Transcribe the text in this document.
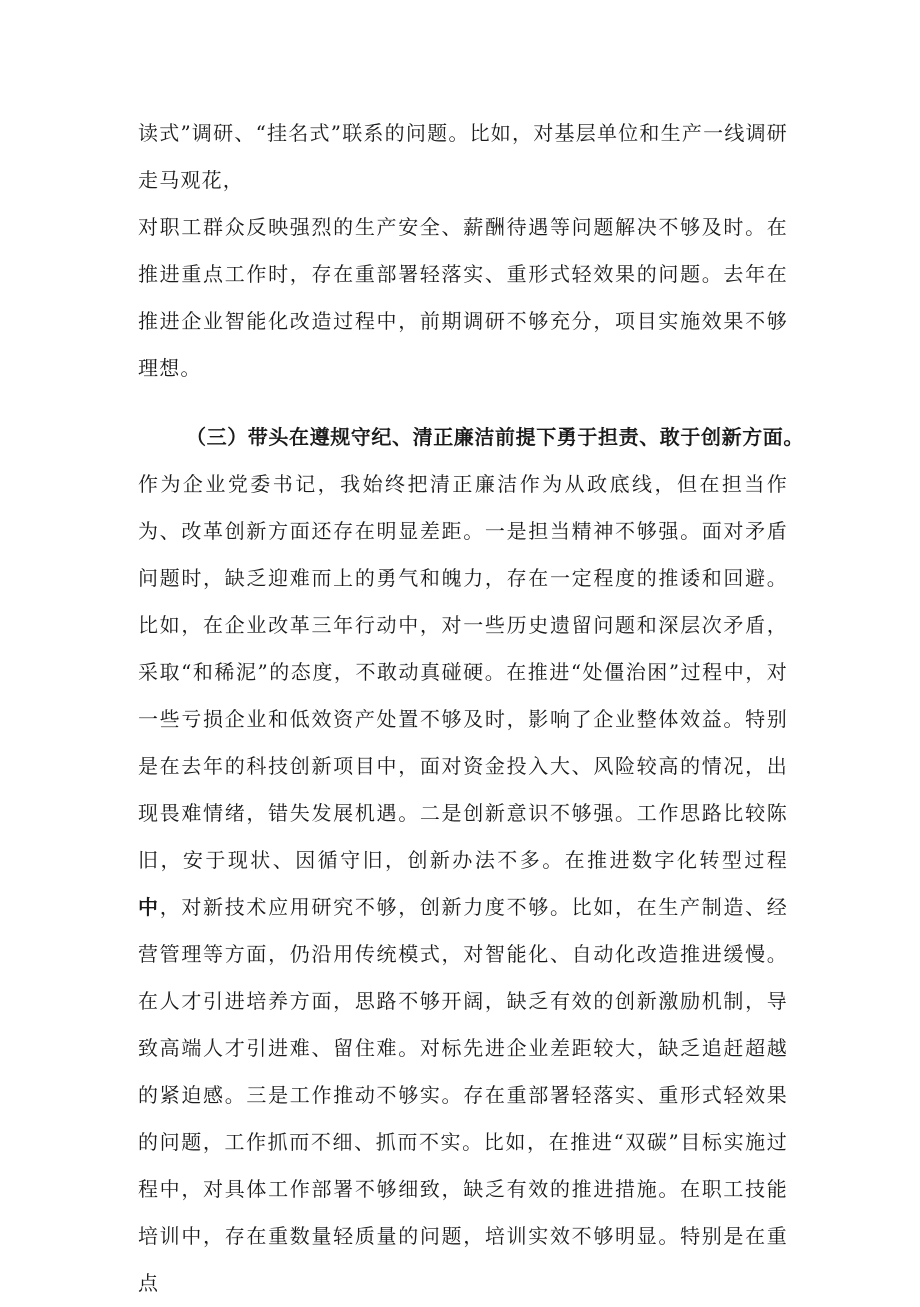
读式”调研、“挂名式”联系的问题。比如，对基层单位和生产一线调研走马观花，

对职工群众反映强烈的生产安全、薪酬待遇等问题解决不够及时。在推进重点工作时，存在重部署轻落实、重形式轻效果的问题。去年在推进企业智能化改造过程中，前期调研不够充分，项目实施效果不够理想。

（三）带头在遵规守纪、清正廉洁前提下勇于担责、敢于创新方面。

作为企业党委书记，我始终把清正廉洁作为从政底线，但在担当作为、改革创新方面还存在明显差距。一是担当精神不够强。面对矛盾问题时，缺乏迎难而上的勇气和魄力，存在一定程度的推诿和回避。比如，在企业改革三年行动中，对一些历史遗留问题和深层次矛盾，采取“和稀泥”的态度，不敢动真碰硬。在推进“处僵治困”过程中，对一些亏损企业和低效资产处置不够及时，影响了企业整体效益。特别是在去年的科技创新项目中，面对资金投入大、风险较高的情况，出现畏难情绪，错失发展机遇。二是创新意识不够强。工作思路比较陈旧，安于现状、因循守旧，创新办法不多。在推进数字化转型过程中，对新技术应用研究不够，创新力度不够。比如，在生产制造、经营管理等方面，仍沿用传统模式，对智能化、自动化改造推进缓慢。在人才引进培养方面，思路不够开阔，缺乏有效的创新激励机制，导致高端人才引进难、留住难。对标先进企业差距较大，缺乏追赶超越的紧迫感。三是工作推动不够实。存在重部署轻落实、重形式轻效果的问题，工作抓而不细、抓而不实。比如，在推进“双碳”目标实施过程中，对具体工作部署不够细致，缺乏有效的推进措施。在职工技能培训中，存在重数量轻质量的问题，培训实效不够明显。特别是在重点
